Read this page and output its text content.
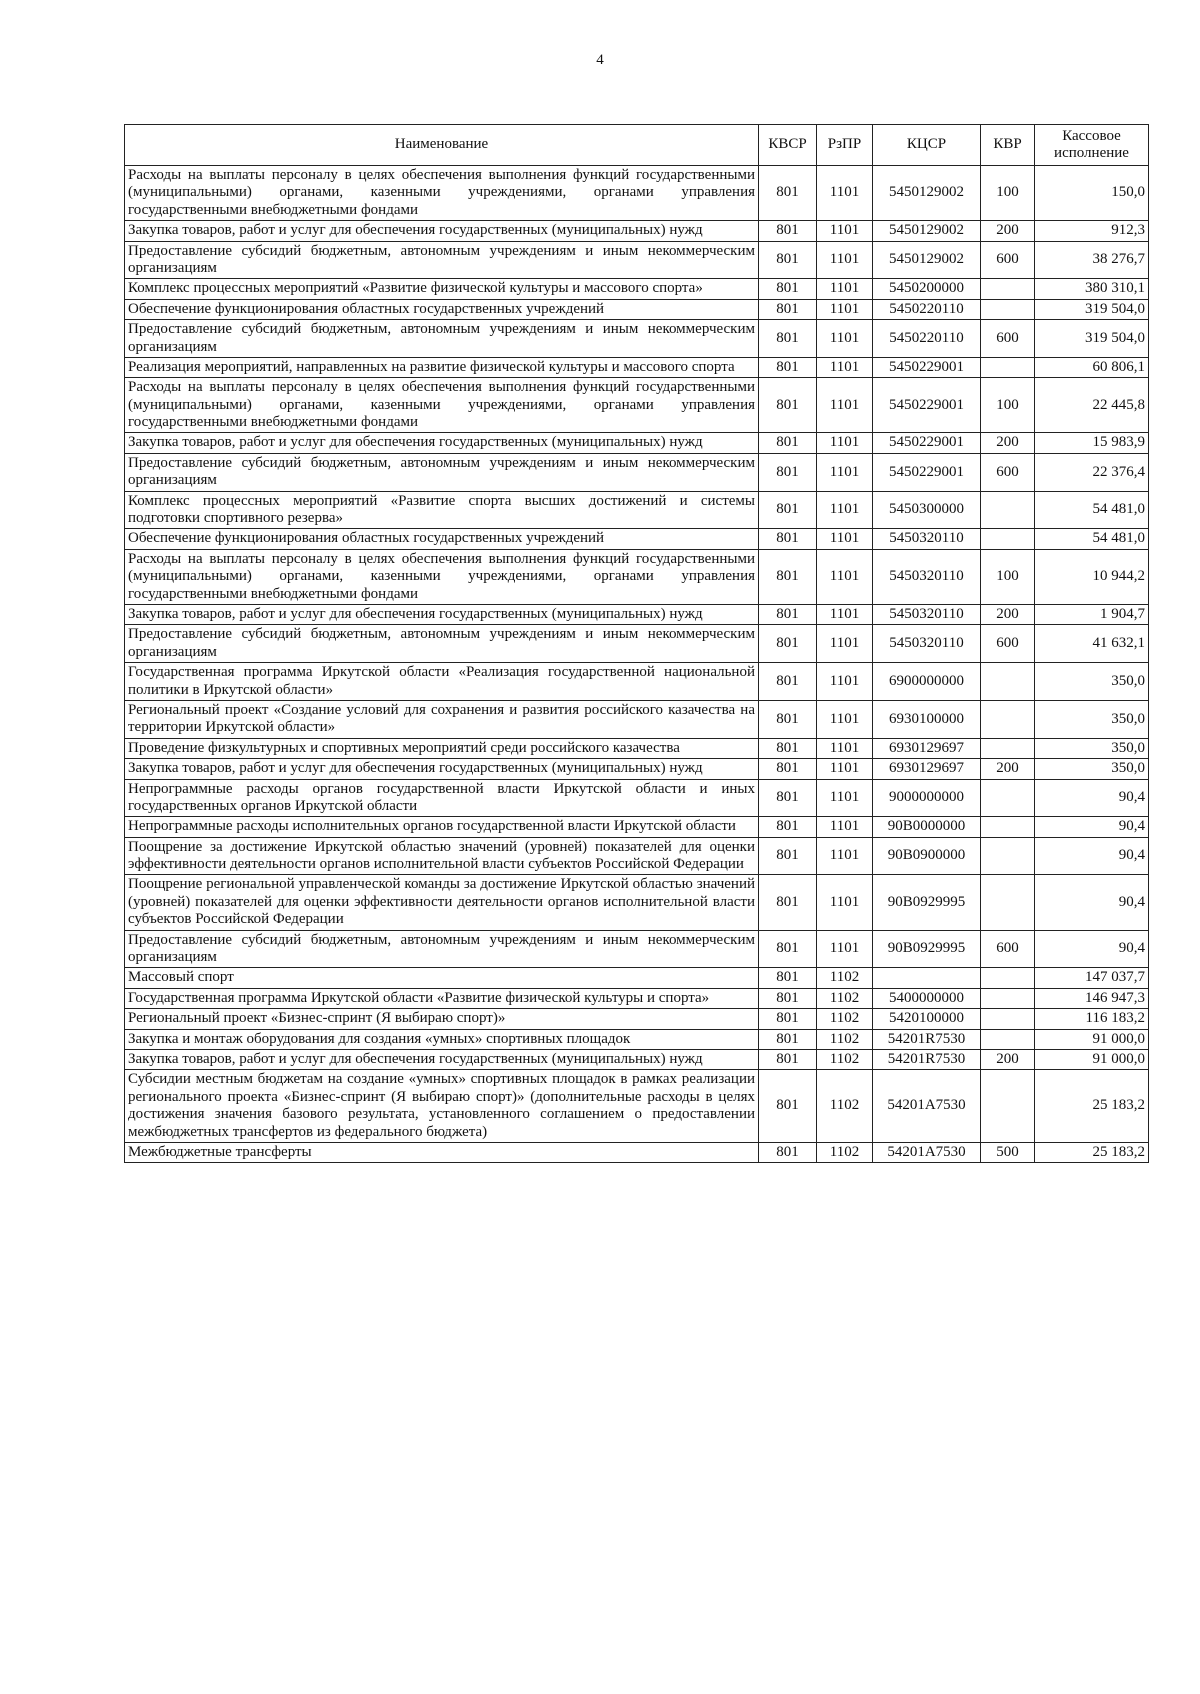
4
Наименование	КВСР	РзПР	КЦСР	КВР	Кассовое исполнение
Расходы на выплаты персоналу в целях обеспечения выполнения функций государственными (муниципальными) органами, казенными учреждениями, органами управления государственными внебюджетными фондами	801	1101	5450129002	100	150,0
Закупка товаров, работ и услуг для обеспечения государственных (муниципальных) нужд	801	1101	5450129002	200	912,3
Предоставление субсидий бюджетным, автономным учреждениям и иным некоммерческим организациям	801	1101	5450129002	600	38 276,7
Комплекс процессных мероприятий «Развитие физической культуры и массового спорта»	801	1101	5450200000		380 310,1
Обеспечение функционирования областных государственных учреждений	801	1101	5450220110		319 504,0
Предоставление субсидий бюджетным, автономным учреждениям и иным некоммерческим организациям	801	1101	5450220110	600	319 504,0
Реализация мероприятий, направленных на развитие физической культуры и массового спорта	801	1101	5450229001		60 806,1
Расходы на выплаты персоналу в целях обеспечения выполнения функций государственными (муниципальными) органами, казенными учреждениями, органами управления государственными внебюджетными фондами	801	1101	5450229001	100	22 445,8
Закупка товаров, работ и услуг для обеспечения государственных (муниципальных) нужд	801	1101	5450229001	200	15 983,9
Предоставление субсидий бюджетным, автономным учреждениям и иным некоммерческим организациям	801	1101	5450229001	600	22 376,4
Комплекс процессных мероприятий «Развитие спорта высших достижений и системы подготовки спортивного резерва»	801	1101	5450300000		54 481,0
Обеспечение функционирования областных государственных учреждений	801	1101	5450320110		54 481,0
Расходы на выплаты персоналу в целях обеспечения выполнения функций государственными (муниципальными) органами, казенными учреждениями, органами управления государственными внебюджетными фондами	801	1101	5450320110	100	10 944,2
Закупка товаров, работ и услуг для обеспечения государственных (муниципальных) нужд	801	1101	5450320110	200	1 904,7
Предоставление субсидий бюджетным, автономным учреждениям и иным некоммерческим организациям	801	1101	5450320110	600	41 632,1
Государственная программа Иркутской области «Реализация государственной национальной политики в Иркутской области»	801	1101	6900000000		350,0
Региональный проект «Создание условий для сохранения и развития российского казачества на территории Иркутской области»	801	1101	6930100000		350,0
Проведение физкультурных и спортивных мероприятий среди российского казачества	801	1101	6930129697		350,0
Закупка товаров, работ и услуг для обеспечения государственных (муниципальных) нужд	801	1101	6930129697	200	350,0
Непрограммные расходы органов государственной власти Иркутской области и иных государственных органов Иркутской области	801	1101	9000000000		90,4
Непрограммные расходы исполнительных органов государственной власти Иркутской области	801	1101	90В0000000		90,4
Поощрение за достижение Иркутской областью значений (уровней) показателей для оценки эффективности деятельности органов исполнительной власти субъектов Российской Федерации	801	1101	90В0900000		90,4
Поощрение региональной управленческой команды за достижение Иркутской областью значений (уровней) показателей для оценки эффективности деятельности органов исполнительной власти субъектов Российской Федерации	801	1101	90В0929995		90,4
Предоставление субсидий бюджетным, автономным учреждениям и иным некоммерческим организациям	801	1101	90В0929995	600	90,4
Массовый спорт	801	1102			147 037,7
Государственная программа Иркутской области «Развитие физической культуры и спорта»	801	1102	5400000000		146 947,3
Региональный проект «Бизнес-спринт (Я выбираю спорт)»	801	1102	5420100000		116 183,2
Закупка и монтаж оборудования для создания «умных» спортивных площадок	801	1102	54201R7530		91 000,0
Закупка товаров, работ и услуг для обеспечения государственных (муниципальных) нужд	801	1102	54201R7530	200	91 000,0
Субсидии местным бюджетам на создание «умных» спортивных площадок в рамках реализации регионального проекта «Бизнес-спринт (Я выбираю спорт)» (дополнительные расходы в целях достижения значения базового результата, установленного соглашением о предоставлении межбюджетных трансфертов из федерального бюджета)	801	1102	54201А7530		25 183,2
Межбюджетные трансферты	801	1102	54201А7530	500	25 183,2
